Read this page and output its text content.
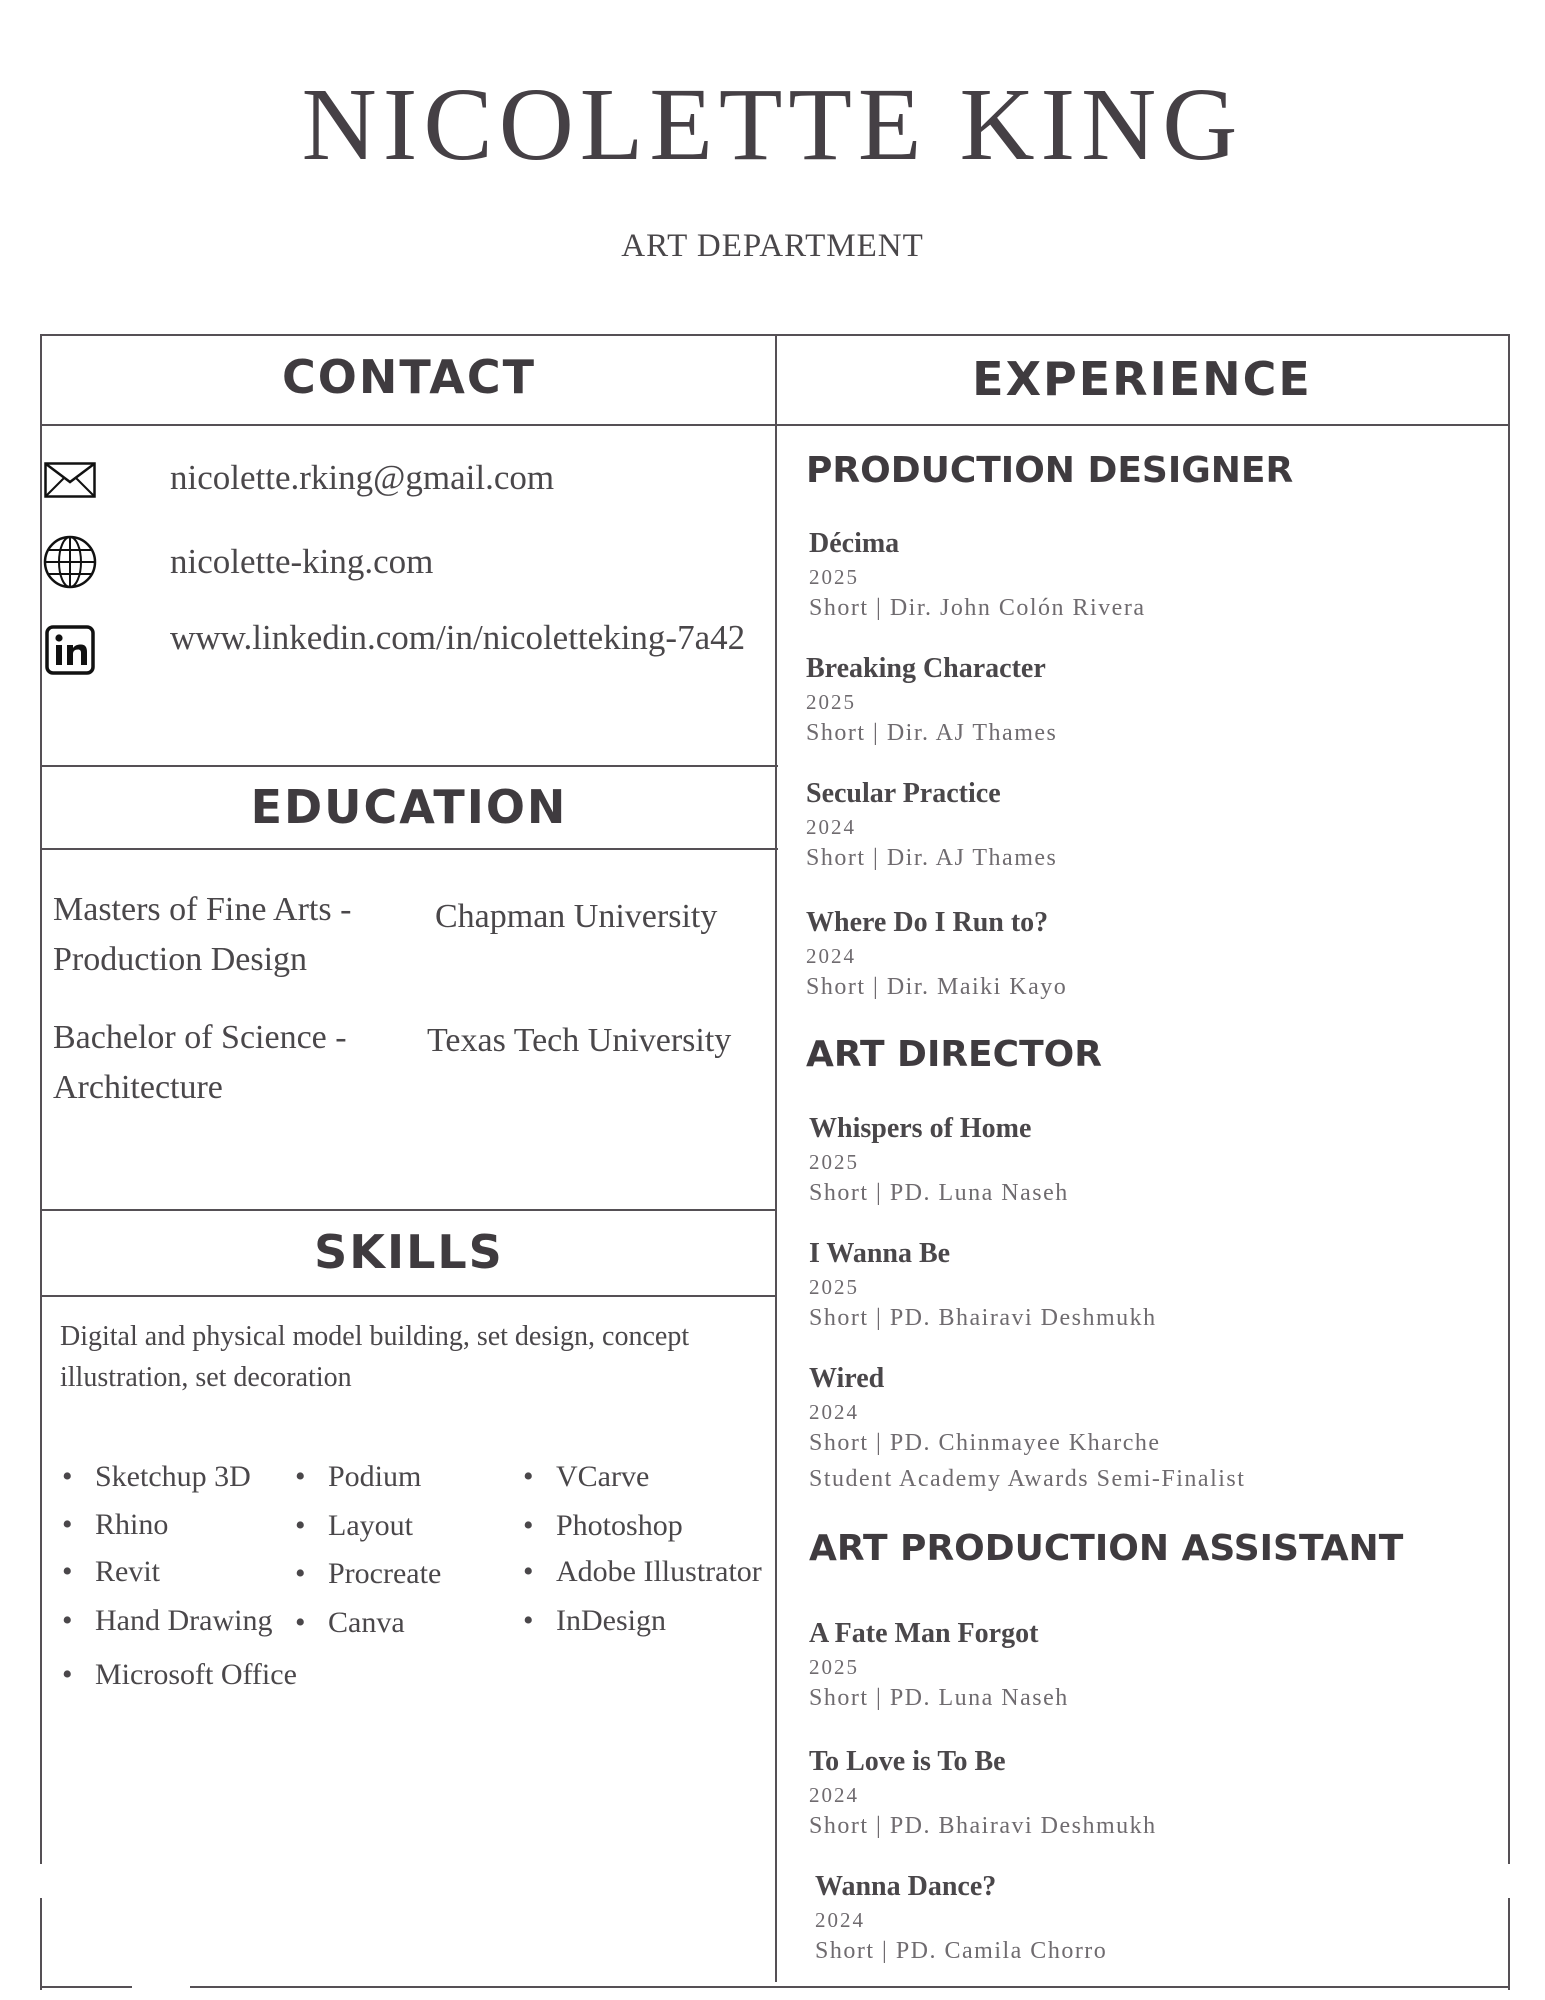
NICOLETTE KING
ART DEPARTMENT
CONTACT
nicolette.rking@gmail.com
nicolette-king.com
www.linkedin.com/in/nicoletteking-7a42
EDUCATION
Masters of Fine Arts - Production Design
Chapman University
Bachelor of Science - Architecture
Texas Tech University
SKILLS
Digital and physical model building, set design, concept illustration, set decoration
• Sketchup 3D
• Rhino
• Revit
• Hand Drawing
• Microsoft Office
• Podium
• Layout
• Procreate
• Canva
• VCarve
• Photoshop
• Adobe Illustrator
• InDesign
EXPERIENCE
PRODUCTION DESIGNER
Décima
2025
Short | Dir. John Colón Rivera
Breaking Character
2025
Short | Dir. AJ Thames
Secular Practice
2024
Short | Dir. AJ Thames
Where Do I Run to?
2024
Short | Dir. Maiki Kayo
ART DIRECTOR
Whispers of Home
2025
Short | PD. Luna Naseh
I Wanna Be
2025
Short | PD. Bhairavi Deshmukh
Wired
2024
Short | PD. Chinmayee Kharche
Student Academy Awards Semi-Finalist
ART PRODUCTION ASSISTANT
A Fate Man Forgot
2025
Short | PD. Luna Naseh
To Love is To Be
2024
Short | PD. Bhairavi Deshmukh
Wanna Dance?
2024
Short | PD. Camila Chorro
